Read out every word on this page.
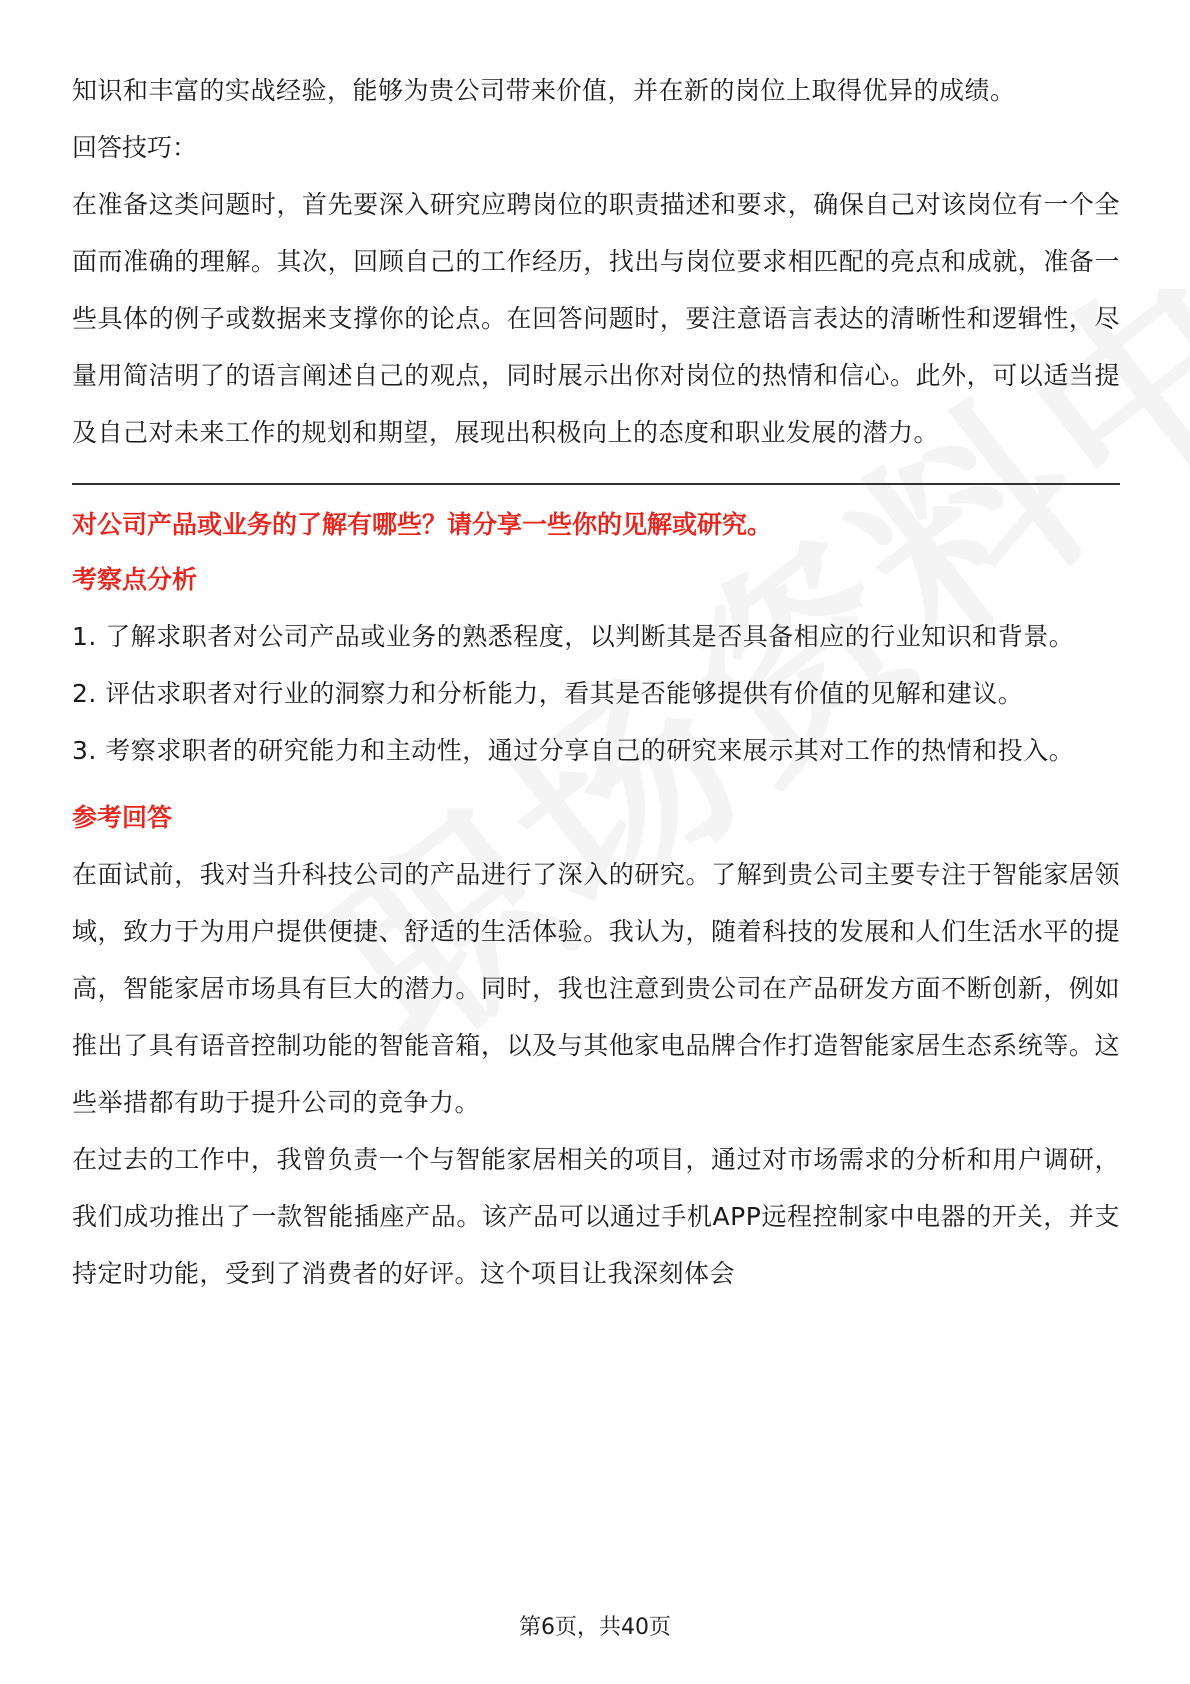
知识和丰富的实战经验，能够为贵公司带来价值，并在新的岗位上取得优异的成绩。

回答技巧：

在准备这类问题时，首先要深入研究应聘岗位的职责描述和要求，确保自己对该岗位有一个全面而准确的理解。其次，回顾自己的工作经历，找出与岗位要求相匹配的亮点和成就，准备一些具体的例子或数据来支撑你的论点。在回答问题时，要注意语言表达的清晰性和逻辑性，尽量用简洁明了的语言阐述自己的观点，同时展示出你对岗位的热情和信心。此外，可以适当提及自己对未来工作的规划和期望，展现出积极向上的态度和职业发展的潜力。

对公司产品或业务的了解有哪些？请分享一些你的见解或研究。

考察点分析

1. 了解求职者对公司产品或业务的熟悉程度，以判断其是否具备相应的行业知识和背景。

2. 评估求职者对行业的洞察力和分析能力，看其是否能够提供有价值的见解和建议。

3. 考察求职者的研究能力和主动性，通过分享自己的研究来展示其对工作的热情和投入。

参考回答

在面试前，我对当升科技公司的产品进行了深入的研究。了解到贵公司主要专注于智能家居领域，致力于为用户提供便捷、舒适的生活体验。我认为，随着科技的发展和人们生活水平的提高，智能家居市场具有巨大的潜力。同时，我也注意到贵公司在产品研发方面不断创新，例如推出了具有语音控制功能的智能音箱，以及与其他家电品牌合作打造智能家居生态系统等。这些举措都有助于提升公司的竞争力。

在过去的工作中，我曾负责一个与智能家居相关的项目，通过对市场需求的分析和用户调研，我们成功推出了一款智能插座产品。该产品可以通过手机APP远程控制家中电器的开关，并支持定时功能，受到了消费者的好评。这个项目让我深刻体会

第6页，共40页
